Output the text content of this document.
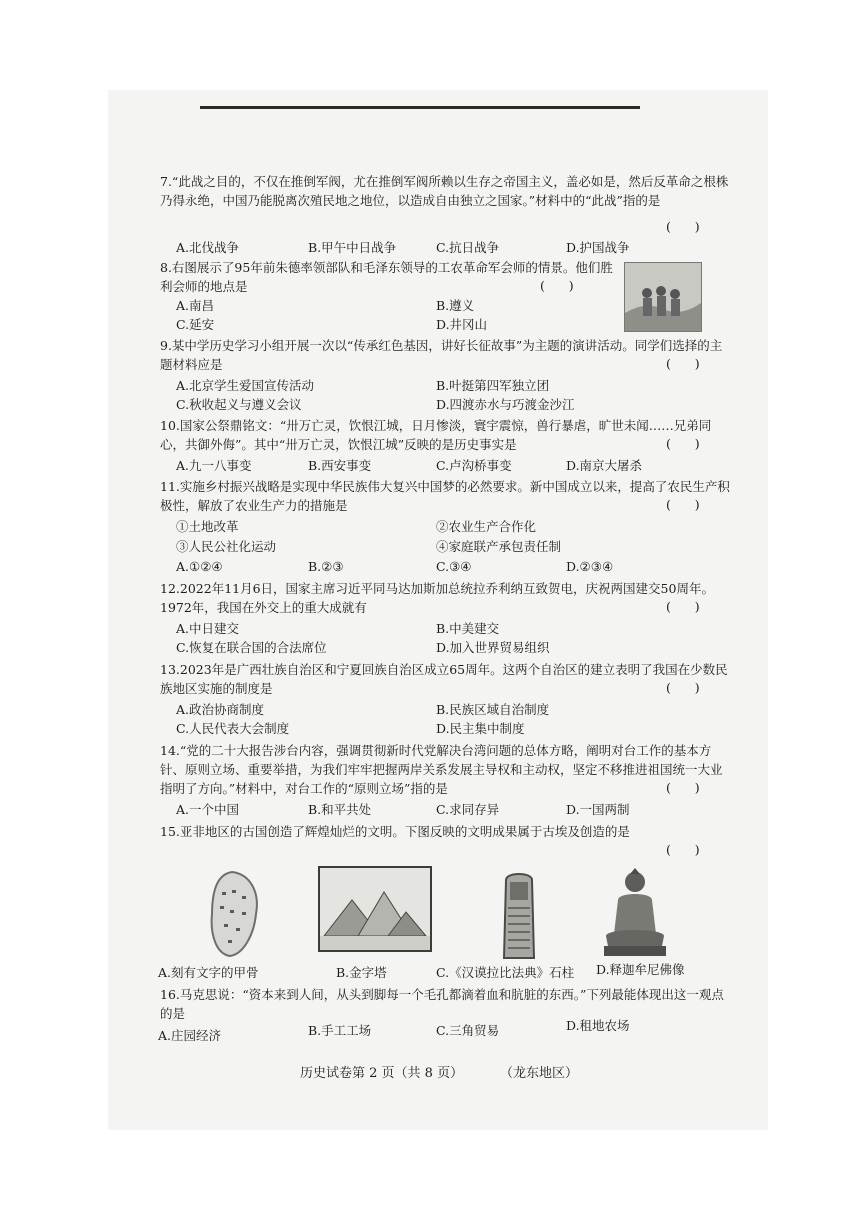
7.“此战之目的，不仅在推倒军阀，尤在推倒军阀所赖以生存之帝国主义，盖必如是，然后反革命之根株乃得永绝，中国乃能脱离次殖民地之地位，以造成自由独立之国家。”材料中的“此战”指的是
(      )
A.北伐战争	B.甲午中日战争	C.抗日战争	D.护国战争
8.右图展示了95年前朱德率领部队和毛泽东领导的工农革命军会师的情景。他们胜利会师的地点是	(      )
A.南昌	B.遵义
C.延安	D.井冈山
9.某中学历史学习小组开展一次以“传承红色基因，讲好长征故事”为主题的演讲活动。同学们选择的主题材料应是	(      )
A.北京学生爱国宣传活动	B.叶挺第四军独立团
C.秋收起义与遵义会议	D.四渡赤水与巧渡金沙江
10.国家公祭鼎铭文：“卅万亡灵，饮恨江城，日月惨淡，寰宇震惊，兽行暴虐，旷世未闻……兄弟同心，共御外侮”。其中“卅万亡灵，饮恨江城”反映的是历史事实是	(      )
A.九一八事变	B.西安事变	C.卢沟桥事变	D.南京大屠杀
11.实施乡村振兴战略是实现中华民族伟大复兴中国梦的必然要求。新中国成立以来，提高了农民生产积极性，解放了农业生产力的措施是	(      )
①土地改革	②农业生产合作化
③人民公社化运动	④家庭联产承包责任制
A.①②④	B.②③	C.③④	D.②③④
12.2022年11月6日，国家主席习近平同马达加斯加总统拉乔利纳互致贺电，庆祝两国建交50周年。1972年，我国在外交上的重大成就有	(      )
A.中日建交	B.中美建交
C.恢复在联合国的合法席位	D.加入世界贸易组织
13.2023年是广西壮族自治区和宁夏回族自治区成立65周年。这两个自治区的建立表明了我国在少数民族地区实施的制度是	(      )
A.政治协商制度	B.民族区域自治制度
C.人民代表大会制度	D.民主集中制度
14.“党的二十大报告涉台内容，强调贯彻新时代党解决台湾问题的总体方略，阐明对台工作的基本方针、原则立场、重要举措，为我们牢牢把握两岸关系发展主导权和主动权，坚定不移推进祖国统一大业指明了方向。”材料中，对台工作的“原则立场”指的是	(      )
A.一个中国	B.和平共处	C.求同存异	D.一国两制
15.亚非地区的古国创造了辉煌灿烂的文明。下图反映的文明成果属于古埃及创造的是
(      )
A.刻有文字的甲骨	B.金字塔	C.《汉谟拉比法典》石柱 D.释迦牟尼佛像
16.马克思说：“资本来到人间，从头到脚每一个毛孔都滴着血和肮脏的东西。”下列最能体现出这一观点的是
A.庄园经济	B.手工工场	C.三角贸易	D.租地农场
历史试卷第 2 页（共 8 页）	（龙东地区）
